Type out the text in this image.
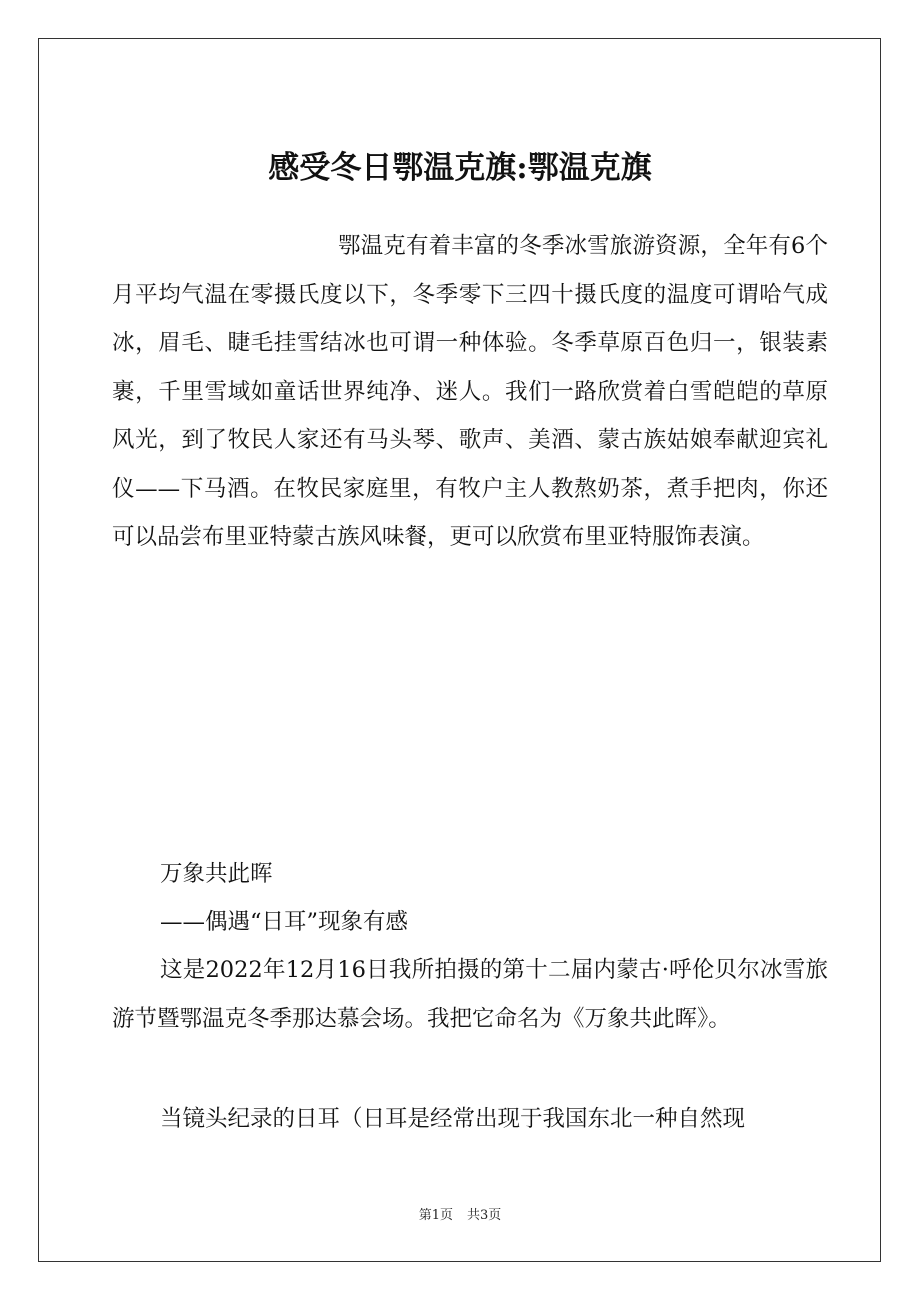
感受冬日鄂温克旗:鄂温克旗

鄂温克有着丰富的冬季冰雪旅游资源，全年有6个月平均气温在零摄氏度以下，冬季零下三四十摄氏度的温度可谓哈气成冰，眉毛、睫毛挂雪结冰也可谓一种体验。冬季草原百色归一，银装素裹，千里雪域如童话世界纯净、迷人。我们一路欣赏着白雪皑皑的草原风光，到了牧民人家还有马头琴、歌声、美酒、蒙古族姑娘奉献迎宾礼仪——下马酒。在牧民家庭里，有牧户主人教熬奶茶，煮手把肉，你还可以品尝布里亚特蒙古族风味餐，更可以欣赏布里亚特服饰表演。

万象共此晖

——偶遇“日耳”现象有感

这是2022年12月16日我所拍摄的第十二届内蒙古·呼伦贝尔冰雪旅游节暨鄂温克冬季那达慕会场。我把它命名为《万象共此晖》。

当镜头纪录的日耳（日耳是经常出现于我国东北一种自然现

第1页 共3页
